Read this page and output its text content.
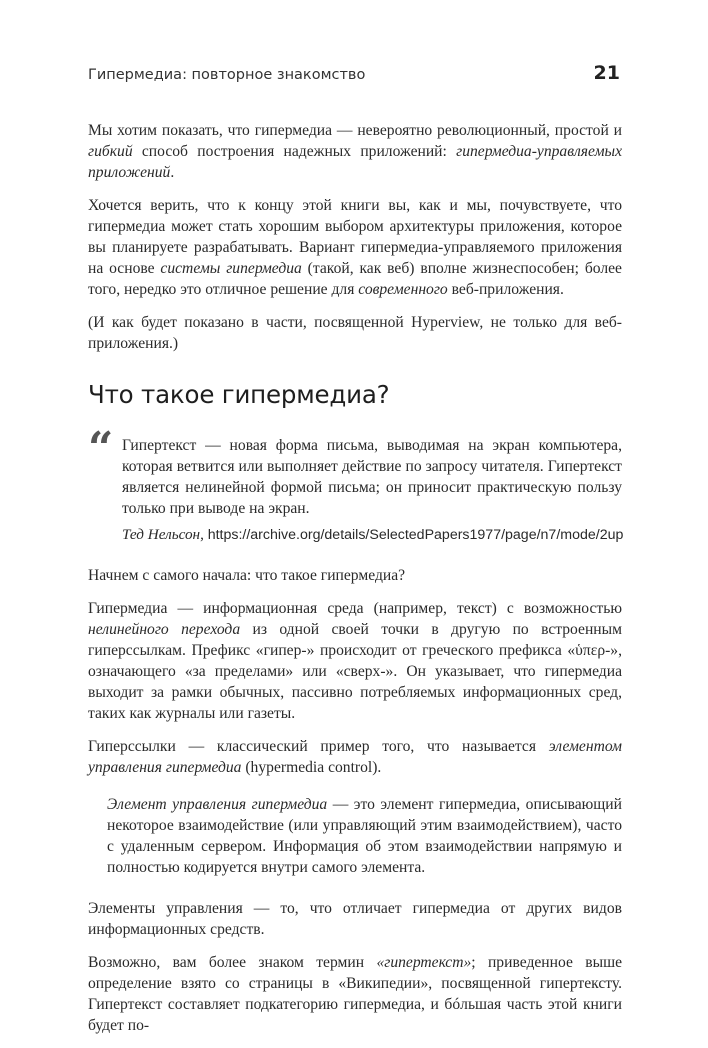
Гипермедиа: повторное знакомство	21

Мы хотим показать, что гипермедиа — невероятно революционный, простой и гибкий способ построения надежных приложений: гипермедиа-управляемых приложений.

Хочется верить, что к концу этой книги вы, как и мы, почувствуете, что гипермедиа может стать хорошим выбором архитектуры приложения, которое вы планируете разрабатывать. Вариант гипермедиа-управляемого приложения на основе системы гипермедиа (такой, как веб) вполне жизнеспособен; более того, нередко это отличное решение для современного веб-приложения.

(И как будет показано в части, посвященной Hyperview, не только для веб-приложения.)

Что такое гипермедиа?
“ Гипертекст — новая форма письма, выводимая на экран компьютера, которая ветвится или выполняет действие по запросу читателя. Гипертекст является нелинейной формой письма; он приносит практическую пользу только при выводе на экран.

Тед Нельсон, https://archive.org/details/SelectedPapers1977/page/n7/mode/2up

Начнем с самого начала: что такое гипермедиа?

Гипермедиа — информационная среда (например, текст) с возможностью нелинейного перехода из одной своей точки в другую по встроенным гиперссылкам. Префикс «гипер-» происходит от греческого префикса «ὑπερ-», означающего «за пределами» или «сверх-». Он указывает, что гипермедиа выходит за рамки обычных, пассивно потребляемых информационных сред, таких как журналы или газеты.

Гиперссылки — классический пример того, что называется элементом управления гипермедиа (hypermedia control).

Элемент управления гипермедиа — это элемент гипермедиа, описывающий некоторое взаимодействие (или управляющий этим взаимодействием), часто с удаленным сервером. Информация об этом взаимодействии напрямую и полностью кодируется внутри самого элемента.

Элементы управления — то, что отличает гипермедиа от других видов информационных средств.

Возможно, вам более знаком термин «гипертекст»; приведенное выше определение взято со страницы в «Википедии», посвященной гипертексту. Гипертекст составляет подкатегорию гипермедиа, и бóльшая часть этой книги будет по-
